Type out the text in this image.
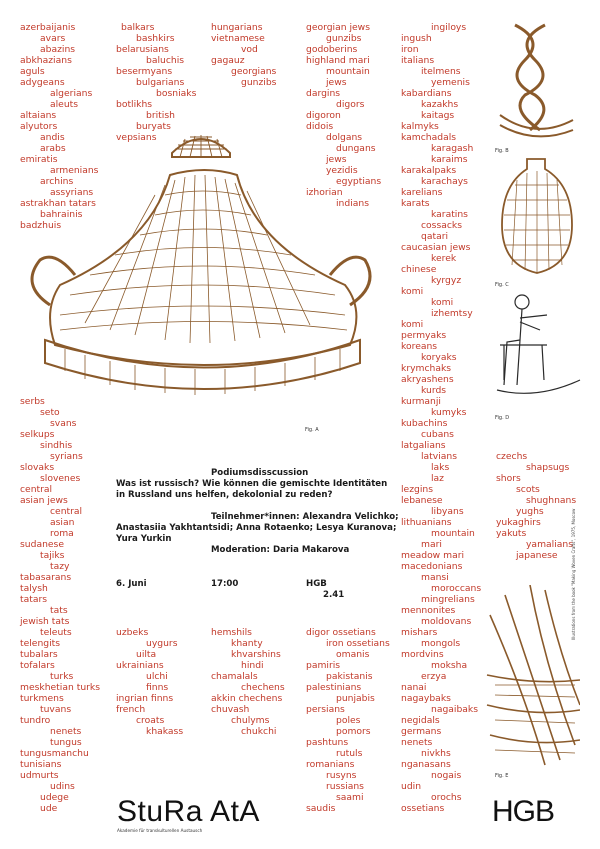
azerbaijanis
avars
abazins
abkhazians
aguls
adygeans
algerians
aleuts
altaians
alyutors
andis
arabs
emiratis
armenians
archins
assyrians
astrakhan tatars
bahrainis
badzhuis
balkars
bashkirs
belarusians
baluchis
besermyans
bulgarians
bosniaks
botlikhs
british
buryats
vepsians
hungarians
vietnamese
vod
gagauz
georgians
gunzibs
georgian jews
gunzibs
godoberins
highland mari
mountain
jews
dargins
digors
digoron
didois
dolgans
dungans
jews
yezidis
egyptians
izhorian
indians
ingiloys
ingush
iron
italians
itelmens
yemenis
kabardians
kazakhs
kaitags
kalmyks
kamchadals
karagash
karaims
karakalpaks
karachays
karelians
karats
karatins
cossacks
qatari
caucasian jews
kerek
chinese
kyrgyz
komi
komi
izhemtsy
komi
permyaks
koreans
koryaks
krymchaks
akryashens
kurds
kurmanji
kumyks
kubachins
cubans
latgalians
latvians
laks
laz
lezgins
lebanese
libyans
lithuanians
mountain
mari
meadow mari
macedonians
mansi
moroccans
mingrelians
mennonites
moldovans
mishars
mongols
mordvins
moksha
erzya
nanai
nagaybaks
nagaibaks
negidals
germans
nenets
nivkhs
nganasans
nogais
udin
orochs
ossetians
czechs
shapsugs
shors
scots
shughnans
yughs
yukaghirs
yakuts
yamalians
japanese
serbs
seto
svans
selkups
sindhis
syrians
slovaks
slovenes
central
asian jews
central
asian
roma
sudanese
tajiks
tazy
tabasarans
talysh
tatars
tats
jewish tats
teleuts
telengits
tubalars
tofalars
turks
meskhetian turks
turkmens
tuvans
tundro
nenets
tungus
tungusmanchu
tunisians
udmurts
udins
udege
ude
uzbeks
uygurs
uilta
ukrainians
ulchi
finns
ingrian finns
french
croats
khakass
hemshils
khanty
khvarshins
hindi
chamalals
chechens
akkin chechens
chuvash
chulyms
chukchi
digor ossetians
iron ossetians
omanis
pamiris
pakistanis
palestinians
punjabis
persians
poles
pomors
pashtuns
rutuls
romanians
rusyns
russians
saami
saudis
Podiumsdisscussion
Was ist russisch? Wie können die gemischte Identitäten
in Russland uns helfen, dekolonial zu reden?
Teilnehmer*innen: Alexandra Velichko;
Anastasiia Yakhtantsidi; Anna Rotaenko; Lesya Kuranova;
Yura Yurkin
Moderation: Daria Makarova
6. Juni	17:00	HGB
2.41
Fig. A
Fig. B
Fig. C
Fig. D
Fig. E
Illustrations from the book "Making Woven Crafts", 1975, Moscow
StuRa AtA
Akademie für transkulturellen Austausch
HGB
